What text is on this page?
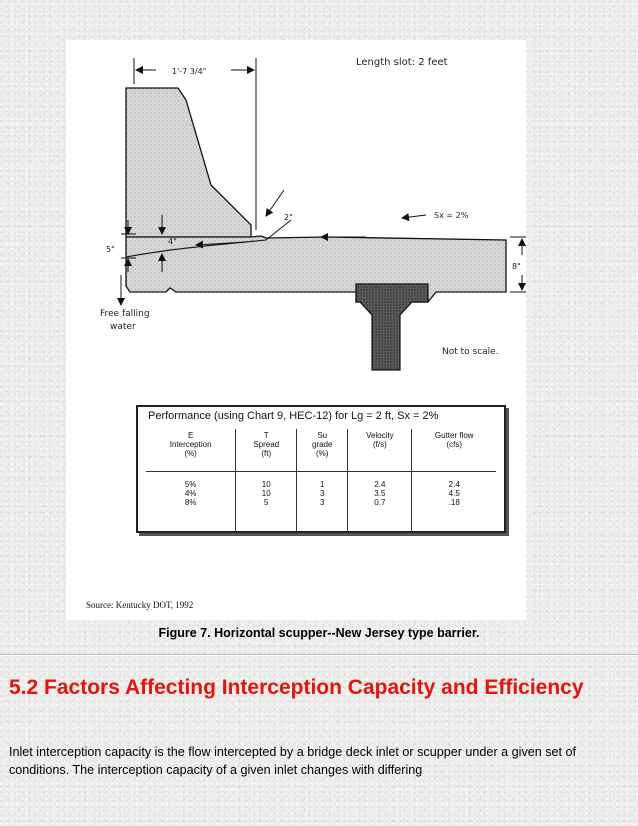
1'-7 3/4"
Length slot: 2 feet
2"	Sx = 2%
5"
4"
8"
Free falling
water
Not to scale.
Performance (using Chart 9, HEC-12) for Lg = 2 ft, Sx = 2%
E
Interception
(%)	T
Spread
(ft)	Su
grade
(%)	Velocity
(f/s)	Gutter flow
(cfs)
5%
4%
8%	10
10
5	1
3
3	2.4
3.5
0.7	2.4
4.5
.18
Source: Kentucky DOT, 1992
Figure 7. Horizontal scupper--New Jersey type barrier.
5.2 Factors Affecting Interception Capacity and Efficiency

Inlet interception capacity is the flow intercepted by a bridge deck inlet or scupper under a given set of conditions. The interception capacity of a given inlet changes with differing
